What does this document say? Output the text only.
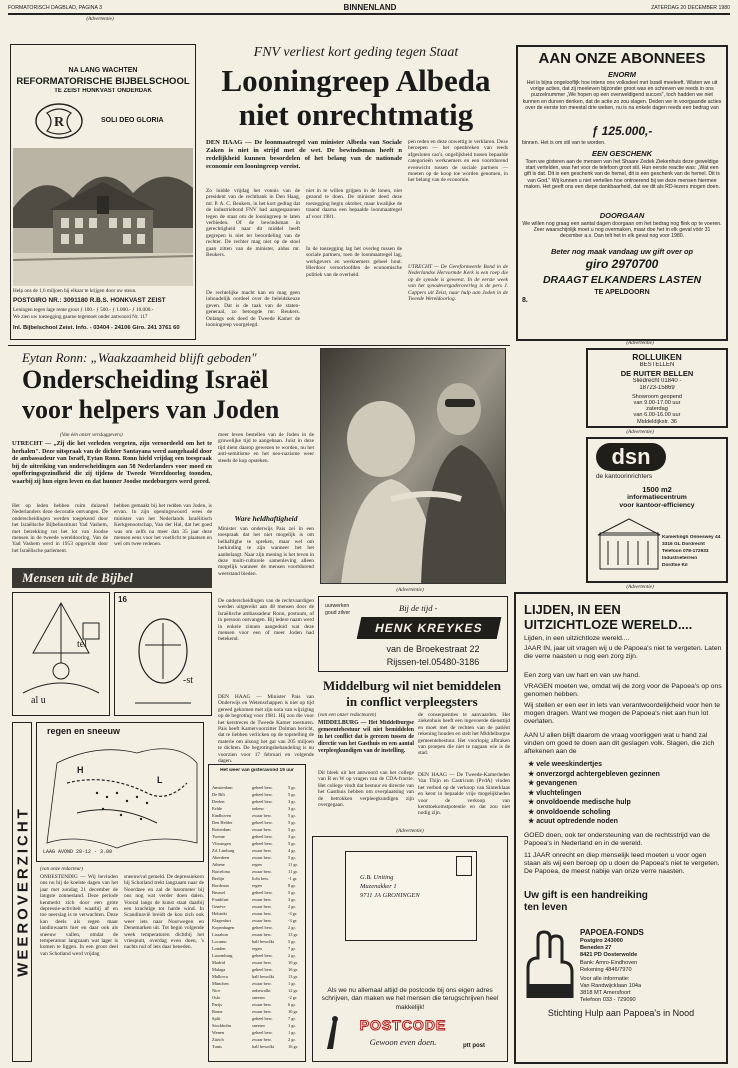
FORMATORISCH DAGBLAD, PAGINA 3	BINNENLAND	ZATERDAG 20 DECEMBER 1980
(Advertentie)
NA LANG WACHTEN
REFORMATORISCHE BIJBELSCHOOL
TE ZEIST HONKVAST ONDERDAK
R	SOLI DEO GLORIA
Help ons de 1,6 miljoen bij elkaar te krijgen door uw steun.
POSTGIRO NR.: 3091180 R.B.S. HONKVAST ZEIST
Leningen tegen lage rente groot ƒ 100.- ƒ 500.- ƒ 1.000.- ƒ 10.000.-
We zien uw toezegging gaarne tegemoet onder antwoord Nr. 117
Inl. Bijbelschool Zeist. Info. - 03404 - 24106 Giro. 241 3761 60
FNV verliest kort geding tegen Staat
Looningreep Albeda
niet onrechtmatig
DEN HAAG — De loonmaatregel van minister Albeda van Sociale Zaken is niet in strijd met de wet. De bewindsman heeft n redelijkheid kunnen besordelen of het belang van de nationale economie een looningreep vereist.
Zo luidde vrijdag het vonnis van de president van de rechtbank in Den Haag, mr. P. A. C. Beukers, in het kort geding dat de industriebond FNV had aangespannen tegen de staat om de looningreep te laten verbieden. Of de bewindsman in gerechtigheid naar dit middel heeft gegrepen is niet ter beoordeling van de rechter. De rechter mag niet op de stoel gaan zitten van de minister, aldus mr. Beukers.
De rechtelijke macht kan en mag geen inhoudelijk oordeel over de beleidskeuze geven. Dat is de taak van de staten-generaal, zo betoogde mr. Beukers. Onlangs ook deed de Tweede Kamer de looningreep voorgelegd.
niet in te willen grijpen in de lonen, niet gezond te doen. De minister deed deze toezegging begin oktober, maar kwalijke de traand daarna een bepaalde loonmaatregel af voor 1981.
In de toezegging lag het overleg tussen de sociale partners, toen de loonmaatregel lag, werkgevers en werknemers geheel hout. Hierdoor veroorloofden de economische politiek van de overheid.
pen reden en deze onwettig te verklaren. Deze beroepen — het openbreken van reeds afgesloten cao's, ongelijkheid tussen bepaalde categorieën werknemers en een voortdurend evenwicht tussen de sociale partners — moeten op de koop toe worden genomen, in het belang van de economie.
UTRECHT — De Gereformeerde Bond in de Nederlandse Hervormde Kerk is een roep die op de synode is geweest. In de eerste week van het synodevergaderoverleg is de pers J. Cappers uit Zeist, naar hulp aan Joden in de Tweede Wereldoorlog.
AAN ONZE ABONNEES
ENORM
Het is bijna ongelooflijk hoe intens ons volksdeel met Israël meeleeft. Wisten we uit vorige acties, dat zij meeleven bijzonder groot was en schreven we reeds in ons puzzelnummer „We hopen op een overweldigend succes", toch hadden we niet kunnen en durven denken, dat de actie zo zou slagen. Deden we in voorgaande acties over de eerste ton meestal drie weken, nu is na enkele dagen reeds een bedrag van
ƒ 125.000,-
binnen. Het is om stil van te worden.
EEN GESCHENK
Toen we gisteren aan de mensen van het Shaare Zedek Ziekenhuis deze geweldige start vertelden, was het voor de telefoon groot stil. Hun eerste reactie was: „Wat een gift is dat. Dit is een geschenk van de hemel, dit is een geschenk van de hemel. Dit is van God." Wij kunnen u niet vertellen hoe ontroerend bij we deze mensen hiermee maken. Het geeft ons een diepe dankbaarheid, dat we dit als RD-lezers mogen doen.
DOORGAAN
We willen nog graag een aantal dagen doorgaan om het bedrag nog flink op te voeren. Zeer waarschijnlijk moet u nog overmaken, maar doe het in elk geval vóór 31 december a.s. Dan telt het in elk geval nog voor 1980.
Beter nog maak vandaag uw gift over op
giro 2970700
DRAAGT ELKANDERS LASTEN
TE APELDOORN
8.
Eytan Ronn: „Waakzaamheid blijft geboden"
Onderscheiding Israël
voor helpers van Joden
(Van één onzer verslaggevers)
UTRECHT — „Zij die het verleden vergeten, zijn veroordeeld om het te herhalen". Deze uitspraak van de dichter Santayana werd aangehaald door de ambassadeur van Israël, Eytan Ronn. Ronn hield vrijdag een toespraak bij de uitreiking van onderscheidingen aan 58 Nederlanders voor moed en opofferingsgezindheid die zij tijdens de Tweede Wereldoorlog toonden, waarbij zij hun eigen leven en dat hunner Joodse medeburgers werd gered.
Het op leden hebben ruim duizend Nederlanders deze decoratie ontvangen. De onderscheidingen werden toegekend door het Israëlische Bijbelinstituut Yad Vashem, met betrekking tot het lot van Joodse mensen in de tweede wereldoorlog. Van de Yad Vashem werd in 1953 opgericht door het Israëlische parlement.
hebben gemaakt bij het redden van Joden, is ervan. In zijn openingswoord wees de minister van het Nederlands Israëlitisch Kerkgenootschap, Van der Hal, dat het goed was om zelfs na meer dan 35 jaar deze mensen eens voor het voetlicht te plaatsen en wel om twee redenen.
meer leven bestellen van de Joden in de gruwelijke tijd te aangebaan. Juist in deze tijd dient daarop gewezen te worden, nu het anti-semitisme en het neo-nazisme weer steeds de kop opsteken.
Ware heldhaftigheid
Minister van onderwijs Pais zei in een toespraak dat het niet mogelijk is om helhaftighe te spreken, maar wel om herkinding te zijn wanneer het het aanbelangt. Naar zijn mening is het teven in deze multi-culturele samenleving alleen mogelijk wanneer de mensen voortdurend weerstand bieden.
De onderscheidingen van de rechtvaardigen werden uitgereikt aan 48 mensen door de Israëlische ambassadeur Ronn, postuum, of in persoon ontvangen. Bij iedere naam werd in enkele zinnen aangeduid wat deze mensen voor een of meer Joden had betekend.
DEN HAAG — Minister Pais van Onderwijs en Wetenschappen is niet op tijd gereed gekomen met zijn nota van wijziging op de begroting voor 1981. Hij zou die voor het kerstreces de Tweede Kamer toesturen. Pais heeft Kamervoorzitter Dolman bericht, dat te liebben verlicken op de topstelling de materie om alsnog het gat van 205 miljoen te dichten. De begrotingsbehandeling is nu voorzien voor 17 februari en volgende dagen.
Mensen uit de Bijbel
tel
al u
16
-st
WEEROVERZICHT
regen en sneeuw
L
H
LAAG AVOND 20-12 - 3.00
(van onze redacteur)
ONBESTENDIG — Wij bevinden ons nu bij de koelste dagen van het jaar met zondag 21 december de langste zonnestand. Deze periode kenmerkt zich door een grote depressie-activiteit waarbij af en toe neerslag is te verwachten. Deze kan deels als regen maar landinwaarts hier en daar ook als sneeuw vallen, omdat de temperatuur langzaam wat lager is komen te liggen. In een groot deel van Schotland werd vrijdag
sneeuwval gemeld. De depressiekern bij Schotland trekt langzaam naar de Noordzee en zal de barometer bij ons nog wat verder doen dalen. Vooral langs de kunst staat daarbij een krachtige tot harde wind. In Scandinavië breidt de kou zich ook weer iets naar Noorwegen en Denemarken uit. Tot begin volgende week temperaturen dichtbij het vriespunt, overdag even doen, 's nachts nul of iets daar beneden.
Het weer van gisteravond 19 uur
Amsterdam	geheel bew.	5 gr.
De Bilt	geheel bew.	5 gr.
Deelen	geheel bew.	3 gr.
Eelde	onbew.	3 gr.
Eindhoven	zwaar bew.	5 gr.
Den Helder	geheel bew.	5 gr.
Rotterdam	zwaar bew.	5 gr.
Twente	geheel bew.	3 gr.
Vlissingen	geheel bew.	5 gr.
Zd. Limburg	zwaar bew.	4 gr.
Aberdeen	zwaar bew.	5 gr.
Athene	regen	11 gr.
Barcelona	zwaar bew.	11 gr.
Berlijn	licht bew.	-1 gr.
Bordeaux	regen	8 gr.
Brussel	geheel bew.	5 gr.
Frankfurt	zwaar bew.	3 gr.
Genève	zwaar bew.	2 gr.
Helsinki	zwaar bew.	-3 gr.
Klagenfurt	zwaar bew.	-3 gr.
Kopenhagen	geheel bew.	2 gr.
Lissabon	zwaar bew.	13 gr.
Locarno	half bewolkt	5 gr.
Londen	regen	7 gr.
Luxemburg	geheel bew.	2 gr.
Madrid	zwaar bew.	10 gr.
Malaga	geheel bew.	16 gr.
Mallorca	half bewolkt	13 gr.
München	zwaar bew.	1 gr.
Nice	onbewolkt	12 gr.
Oslo	sneeuw	-2 gr.
Parijs	zwaar bew.	6 gr.
Rome	zwaar bew.	10 gr.
Split	geheel bew.	7 gr.
Stockholm	sneeuw	1 gr.
Wenen	geheel bew.	1 gr.
Zürich	zwaar bew.	2 gr.
Tunis	half bewolkt	16 gr.
(Advertentie)
uurwerken
goud zilver	Bij de tijd -
HENK KREYKES
van de Broekestraat 22
Rijssen-tel.05480-3186
Middelburg wil niet bemiddelen
in conflict verpleegsters
(van een onzer redacteuren)
MIDDELBURG — Het Middelburgse gemeentebestuur wil niet bemiddelen in het conflict dat is gerezen tussen de directie van het Gasthuis en een aantal verpleegkundigen van de instelling.
Dit bleek uit het antwoord van het college van B en W op vragen van de CDA-fractie. Het college vindt dat bestuur en directie van het Gasthuis hebben om overplaatsing van de betrokken verpleegkundigen zijn overgegaan.
de consequenties te aanvaarden. Het ziekenhuis heeft een ingevoerde diensttijd en moet met de rechten van de patiënt rekening houden en stelt het Middelburgse gemeentebestuur. Het voorlopig afbraken van proepen die niet te nagaan wie is de stad.
DEN HAAG — De Tweede-Kamerleden Van Thijn en Castricum (PvdA) vinden het verbod op de verkoop van Sinterklaas en kerst in bepaalde vrije mogelijkheden voor de verkoop van kersttoekomstpotentie en dat zou niet nodig zijn.
(Advertentie)
G.B. Uniting
Muzenakker 1
9711 JA GRONINGEN
Als we nu allemaal altijd de postcode bij ons eigen adres schrijven, dan maken we het mensen die terugschrijven heel makkelijk!
POSTCODE
Gewoon even doen.	ptt post
(Advertentie)
ROLLUIKEN
BESTELLEN
DE RUITER BELLEN
Sliedrecht 01840 -
18723-15869
Showroom geopend
van 9.00-17.00 uur
zaterdag
van 6.00-16.00 uur
Middeldijkstr. 36
(Advertentie)
dsn
de kantoorinrichters
1500 m2
informatiecentrum
voor kantoor-efficiency
Kamerlingh Onneswey 44
3316 GL Dordrecht
Telefoon 078-172933
Industrieterrein
Dordtse Kil
(Advertentie)
LIJDEN, IN EEN
UITZICHTLOZE WERELD....
Lijden, in een uitzichtloze wereld....
JAAR IN, jaar uit vragen wij u de Papoea's niet te vergeten. Laten die verre naasten u nog een zorg zijn.
Een zorg van uw hart en van uw hand.
VRAGEN moeten we, omdat wij de zorg voor de Papoea's op ons genomen hebben.
Wij stellen er een eer in lets van verantwoordelijkheid voor hen te mogen dragen. Want we mogen de Papoea's niet aan hun lot overlaten.
AAN U allen blijft daarom de vraag voorliggen wat u hand zal vinden om goed te doen aan dit geslagen volk. Slagen, die zich aftekenen aan de
★ vele weeskindertjes
★ onverzorgd achtergebleven gezinnen
★ gevangenen
★ vluchtelingen
★ onvoldoende medische hulp
★ onvoldoende scholing
★ acuut optredende noden
GOED doen, ook ter ondersteuning van de rechtsstrijd van de Papoea's in Nederland en in de wereld.
11 JAAR onrecht en diep menselijk leed moeten u voor ogen staan als wij een beroep op u doen de Papoea's niet te vergeten. De Papoea, de meest nabije van onze verre naasten.
Uw gift is een handreiking
ten leven
PAPOEA-FONDS
Postgiro 243000
Beneden 27
8421 PD Oosterwolde
Bank: Amro-Eindhoven
Rekening 4846/7970
Voor alle informatie:
Van Randwijcklaan 104a
3818 MT Amersfoort
Telefoon 033 - 729090
Stichting Hulp aan Papoea's in Nood
